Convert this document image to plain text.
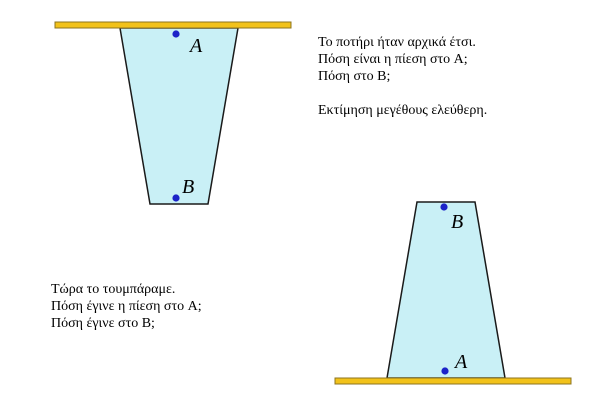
A
B
B
A
Το ποτήρι ήταν αρχικά έτσι.
Πόση είναι η πίεση στο A;
Πόση στο B;
Εκτίμηση μεγέθους ελεύθερη.
Τώρα το τουμπάραμε.
Πόση έγινε η πίεση στο A;
Πόση έγινε στο B;
